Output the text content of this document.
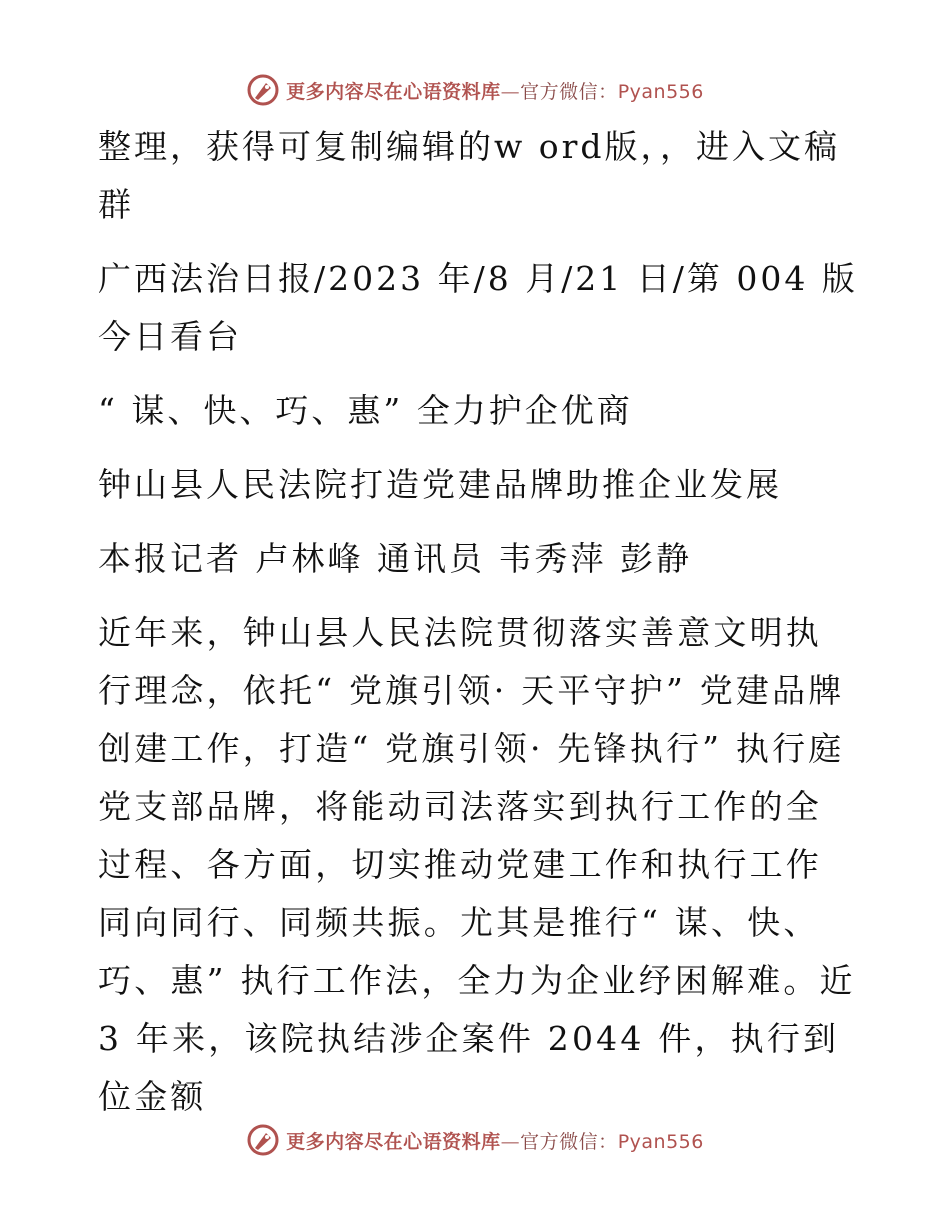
更多内容尽在心语资料库—官方微信：Pyan556

整理，获得可复制编辑的w ord版，，进入文稿群

广西法治日报/2023 年/8 月/21 日/第 004 版今日看台

“ 谋、快、巧、惠” 全力护企优商

钟山县人民法院打造党建品牌助推企业发展

本报记者 卢林峰 通讯员 韦秀萍 彭静

近年来，钟山县人民法院贯彻落实善意文明执行理念，依托“ 党旗引领· 天平守护” 党建品牌创建工作，打造“ 党旗引领· 先锋执行” 执行庭党支部品牌，将能动司法落实到执行工作的全过程、各方面，切实推动党建工作和执行工作同向同行、同频共振。尤其是推行“ 谋、快、巧、惠” 执行工作法，全力为企业纾困解难。近 3 年来，该院执结涉企案件 2044 件，执行到位金额

更多内容尽在心语资料库—官方微信：Pyan556
